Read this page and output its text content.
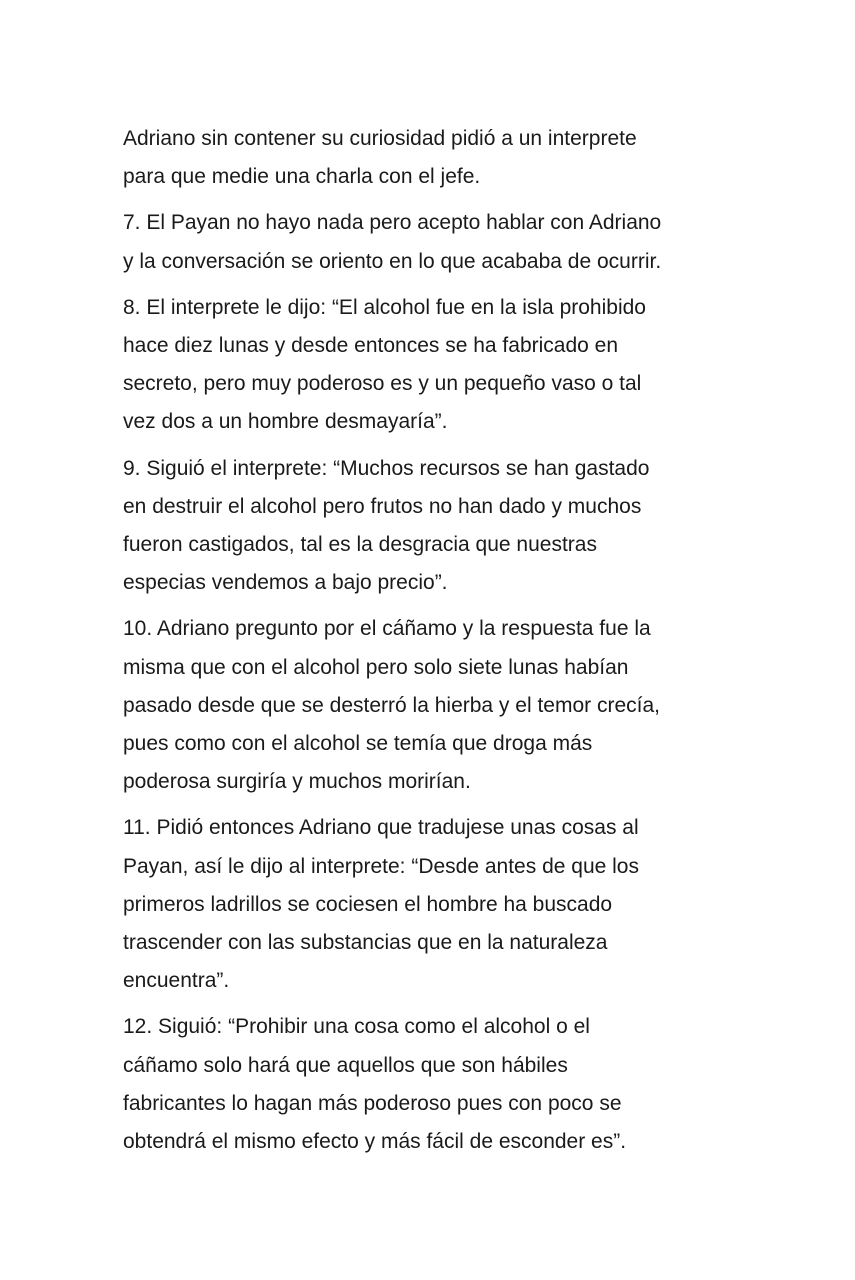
Adriano sin contener su curiosidad pidió a un interprete
para que medie una charla con el jefe.

7. El Payan no hayo nada pero acepto hablar con Adriano
y la conversación se oriento en lo que acababa de ocurrir.

8. El interprete le dijo: “El alcohol fue en la isla prohibido
hace diez lunas y desde entonces se ha fabricado en
secreto, pero muy poderoso es y un pequeño vaso o tal
vez dos a un hombre desmayaría”.

9. Siguió el interprete: “Muchos recursos se han gastado
en destruir el alcohol pero frutos no han dado y muchos
fueron castigados, tal es la desgracia que nuestras
especias vendemos a bajo precio”.

10. Adriano pregunto por el cáñamo y la respuesta fue la
misma que con el alcohol pero solo siete lunas habían
pasado desde que se desterró la hierba y el temor crecía,
pues como con el alcohol se temía que droga más
poderosa surgiría y muchos morirían.

11. Pidió entonces Adriano que tradujese unas cosas al
Payan, así le dijo al interprete: “Desde antes de que los
primeros ladrillos se cociesen el hombre ha buscado
trascender con las substancias que en la naturaleza
encuentra”.

12. Siguió: “Prohibir una cosa como el alcohol o el
cáñamo solo hará que aquellos que son hábiles
fabricantes lo hagan más poderoso pues con poco se
obtendrá el mismo efecto y más fácil de esconder es”.
